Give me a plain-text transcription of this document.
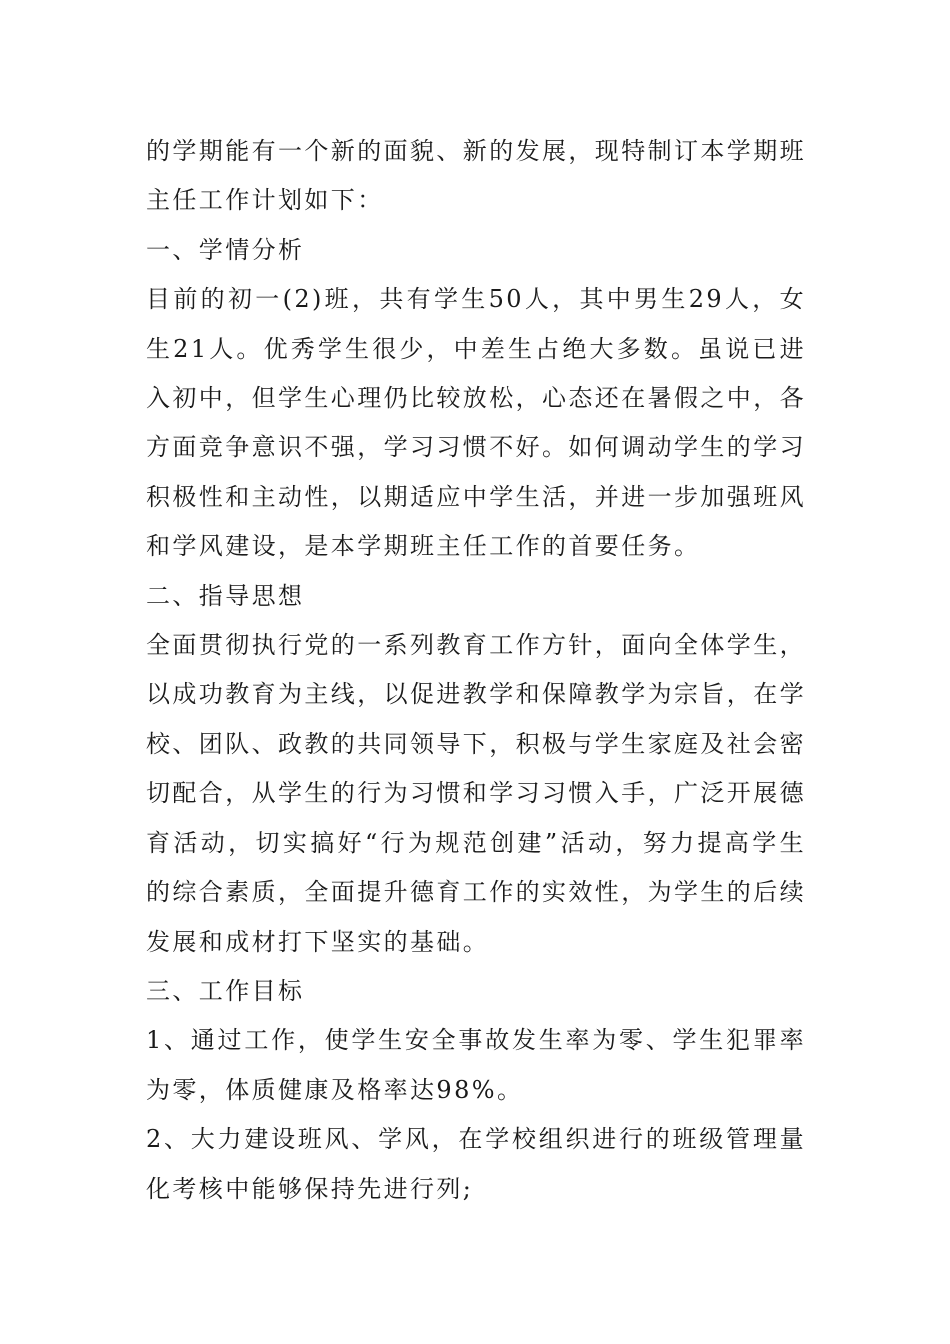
的学期能有一个新的面貌、新的发展，现特制订本学期班主任工作计划如下：

一、学情分析

目前的初一(2)班，共有学生50人，其中男生29人，女生21人。优秀学生很少，中差生占绝大多数。虽说已进入初中，但学生心理仍比较放松，心态还在暑假之中，各方面竞争意识不强，学习习惯不好。如何调动学生的学习积极性和主动性，以期适应中学生活，并进一步加强班风和学风建设，是本学期班主任工作的首要任务。

二、指导思想

全面贯彻执行党的一系列教育工作方针，面向全体学生，以成功教育为主线，以促进教学和保障教学为宗旨，在学校、团队、政教的共同领导下，积极与学生家庭及社会密切配合，从学生的行为习惯和学习习惯入手，广泛开展德育活动，切实搞好“行为规范创建”活动，努力提高学生的综合素质，全面提升德育工作的实效性，为学生的后续发展和成材打下坚实的基础。

三、工作目标

1、通过工作，使学生安全事故发生率为零、学生犯罪率为零，体质健康及格率达98%。

2、大力建设班风、学风，在学校组织进行的班级管理量化考核中能够保持先进行列;
